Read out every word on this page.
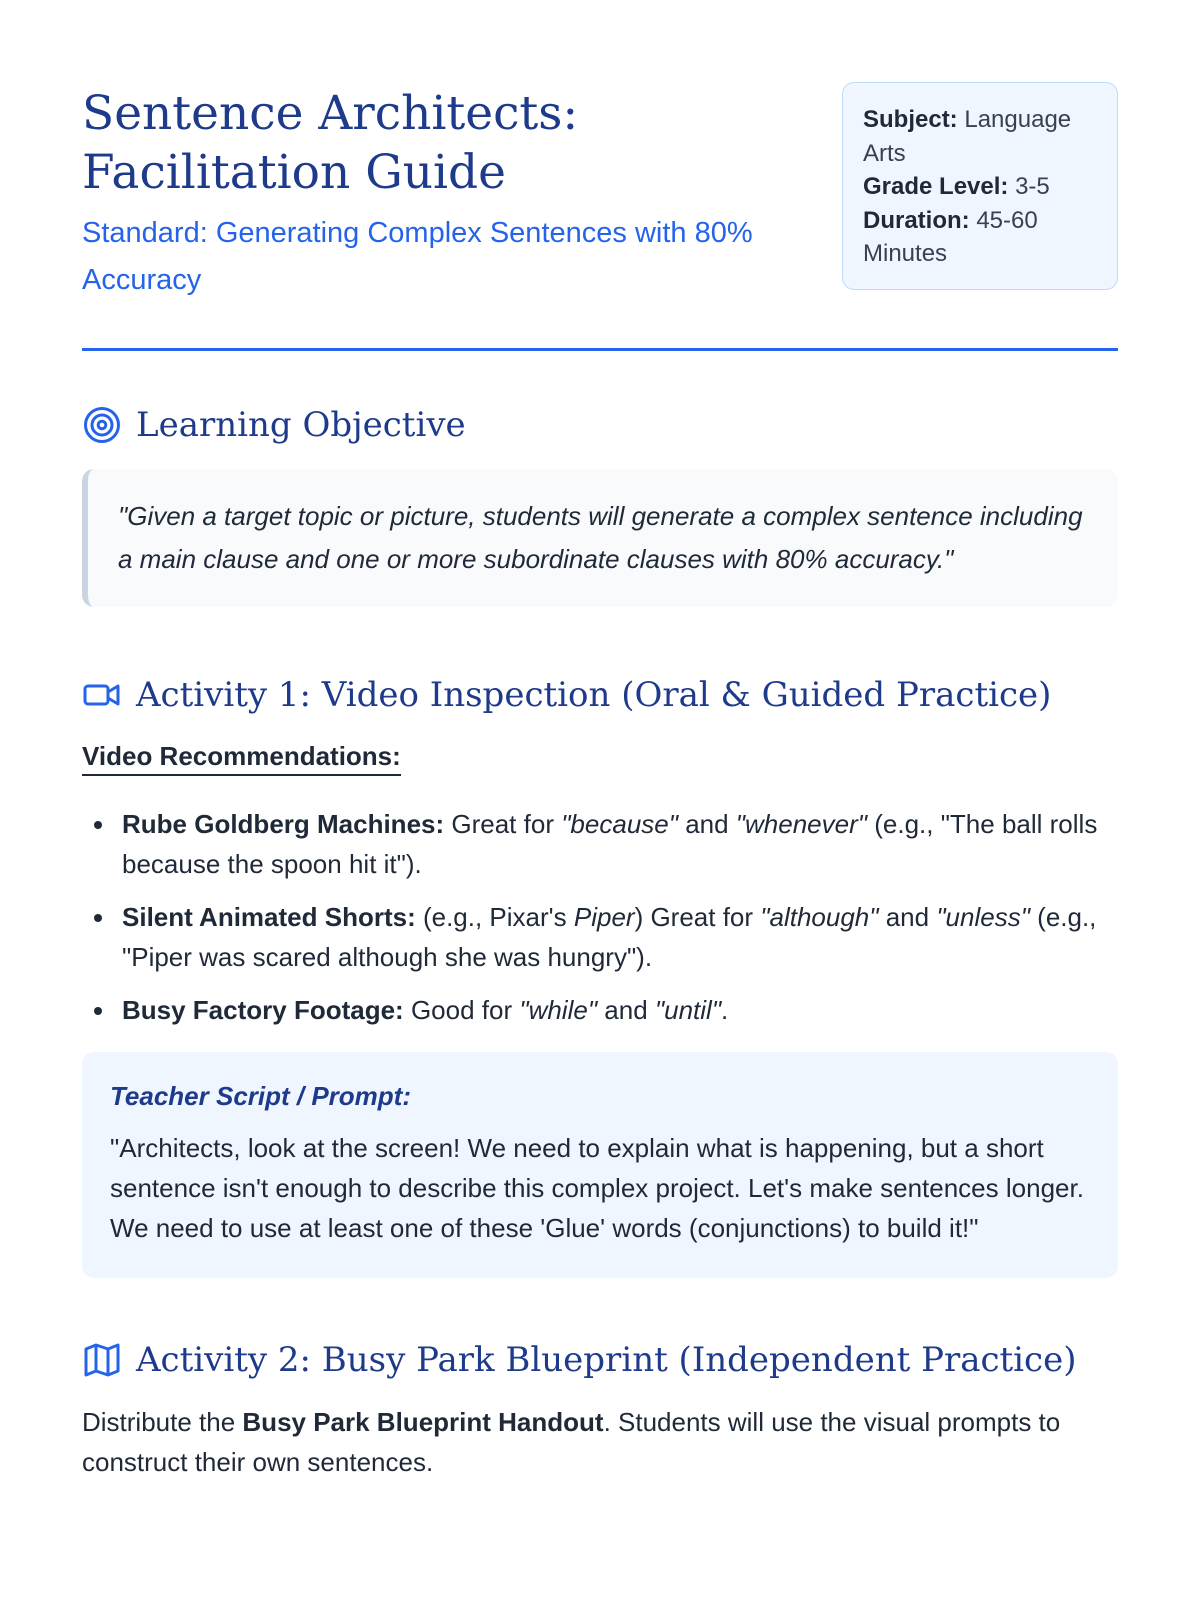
Sentence Architects:
Facilitation Guide
Standard: Generating Complex Sentences with 80% Accuracy
Subject: Language Arts
Grade Level: 3-5
Duration: 45-60 Minutes
Learning Objective
"Given a target topic or picture, students will generate a complex sentence including a main clause and one or more subordinate clauses with 80% accuracy."
Activity 1: Video Inspection (Oral & Guided Practice)
Video Recommendations:
Rube Goldberg Machines: Great for "because" and "whenever" (e.g., "The ball rolls because the spoon hit it").
Silent Animated Shorts: (e.g., Pixar's Piper) Great for "although" and "unless" (e.g., "Piper was scared although she was hungry").
Busy Factory Footage: Good for "while" and "until".
Teacher Script / Prompt:
"Architects, look at the screen! We need to explain what is happening, but a short sentence isn't enough to describe this complex project. Let's make sentences longer. We need to use at least one of these 'Glue' words (conjunctions) to build it!"
Activity 2: Busy Park Blueprint (Independent Practice)

Distribute the Busy Park Blueprint Handout. Students will use the visual prompts to construct their own sentences.
